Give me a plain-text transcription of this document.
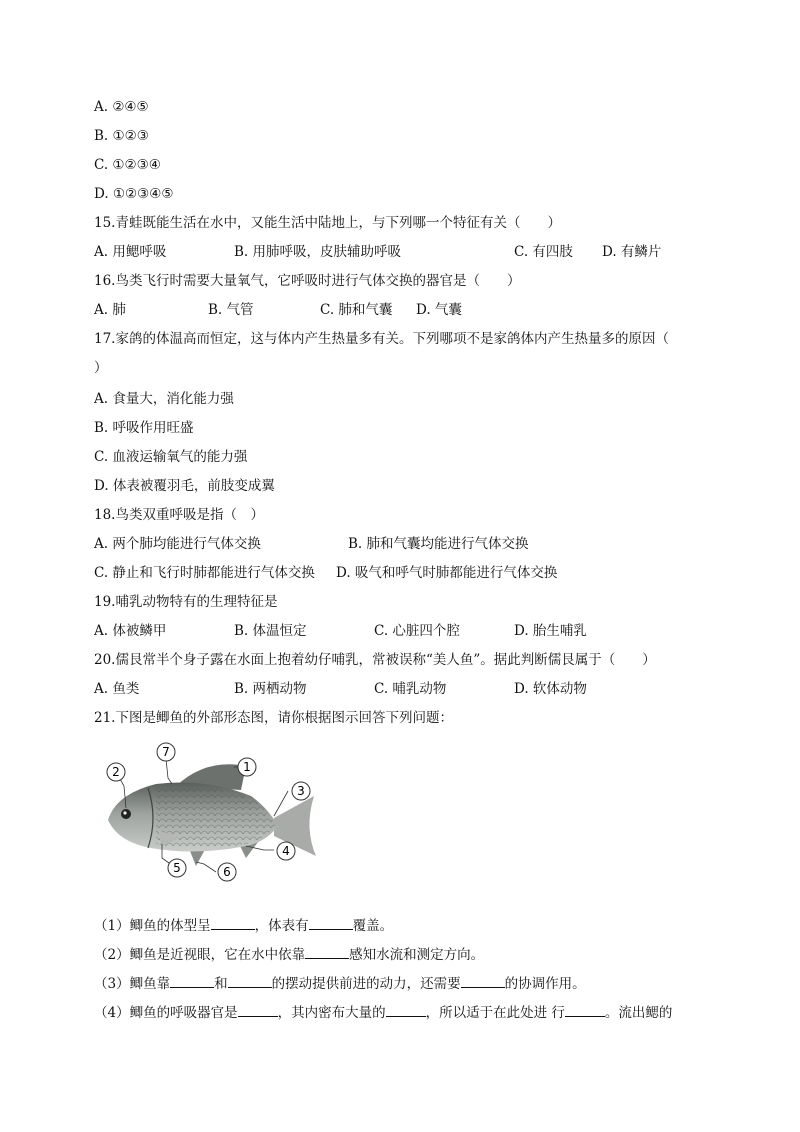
A. ②④⑤
B. ①②③
C. ①②③④
D. ①②③④⑤
15.青蛙既能生活在水中，又能生活中陆地上，与下列哪一个特征有关（　　）
A. 用鳃呼吸	B. 用肺呼吸，皮肤辅助呼吸	C. 有四肢 D. 有鳞片
16.鸟类飞行时需要大量氧气，它呼吸时进行气体交换的器官是（　　）
A. 肺	B. 气管	C. 肺和气囊 D. 气囊
17.家鸽的体温高而恒定，这与体内产生热量多有关。下列哪项不是家鸽体内产生热量多的原因（
）
A. 食量大，消化能力强
B. 呼吸作用旺盛
C. 血液运输氧气的能力强
D. 体表被覆羽毛，前肢变成翼
18.鸟类双重呼吸是指（　）
A. 两个肺均能进行气体交换	B. 肺和气囊均能进行气体交换
C. 静止和飞行时肺都能进行气体交换 D. 吸气和呼气时肺都能进行气体交换
19.哺乳动物特有的生理特征是
A. 体被鳞甲	B. 体温恒定	C. 心脏四个腔	D. 胎生哺乳
20.儒艮常半个身子露在水面上抱着幼仔哺乳，常被误称“美人鱼”。据此判断儒艮属于（　　）
A. 鱼类	B. 两栖动物	C. 哺乳动物	D. 软体动物
21.下图是鲫鱼的外部形态图，请你根据图示回答下列问题：
1
2
3
4
5	6
7
（1）鲫鱼的体型呈	，体表有	覆盖。
（2）鲫鱼是近视眼，它在水中依靠	感知水流和测定方向。
（3）鲫鱼靠	和	的摆动提供前进的动力，还需要	的协调作用。
（4）鲫鱼的呼吸器官是	，其内密布大量的	，所以适于在此处进 行	。流出鳃的
